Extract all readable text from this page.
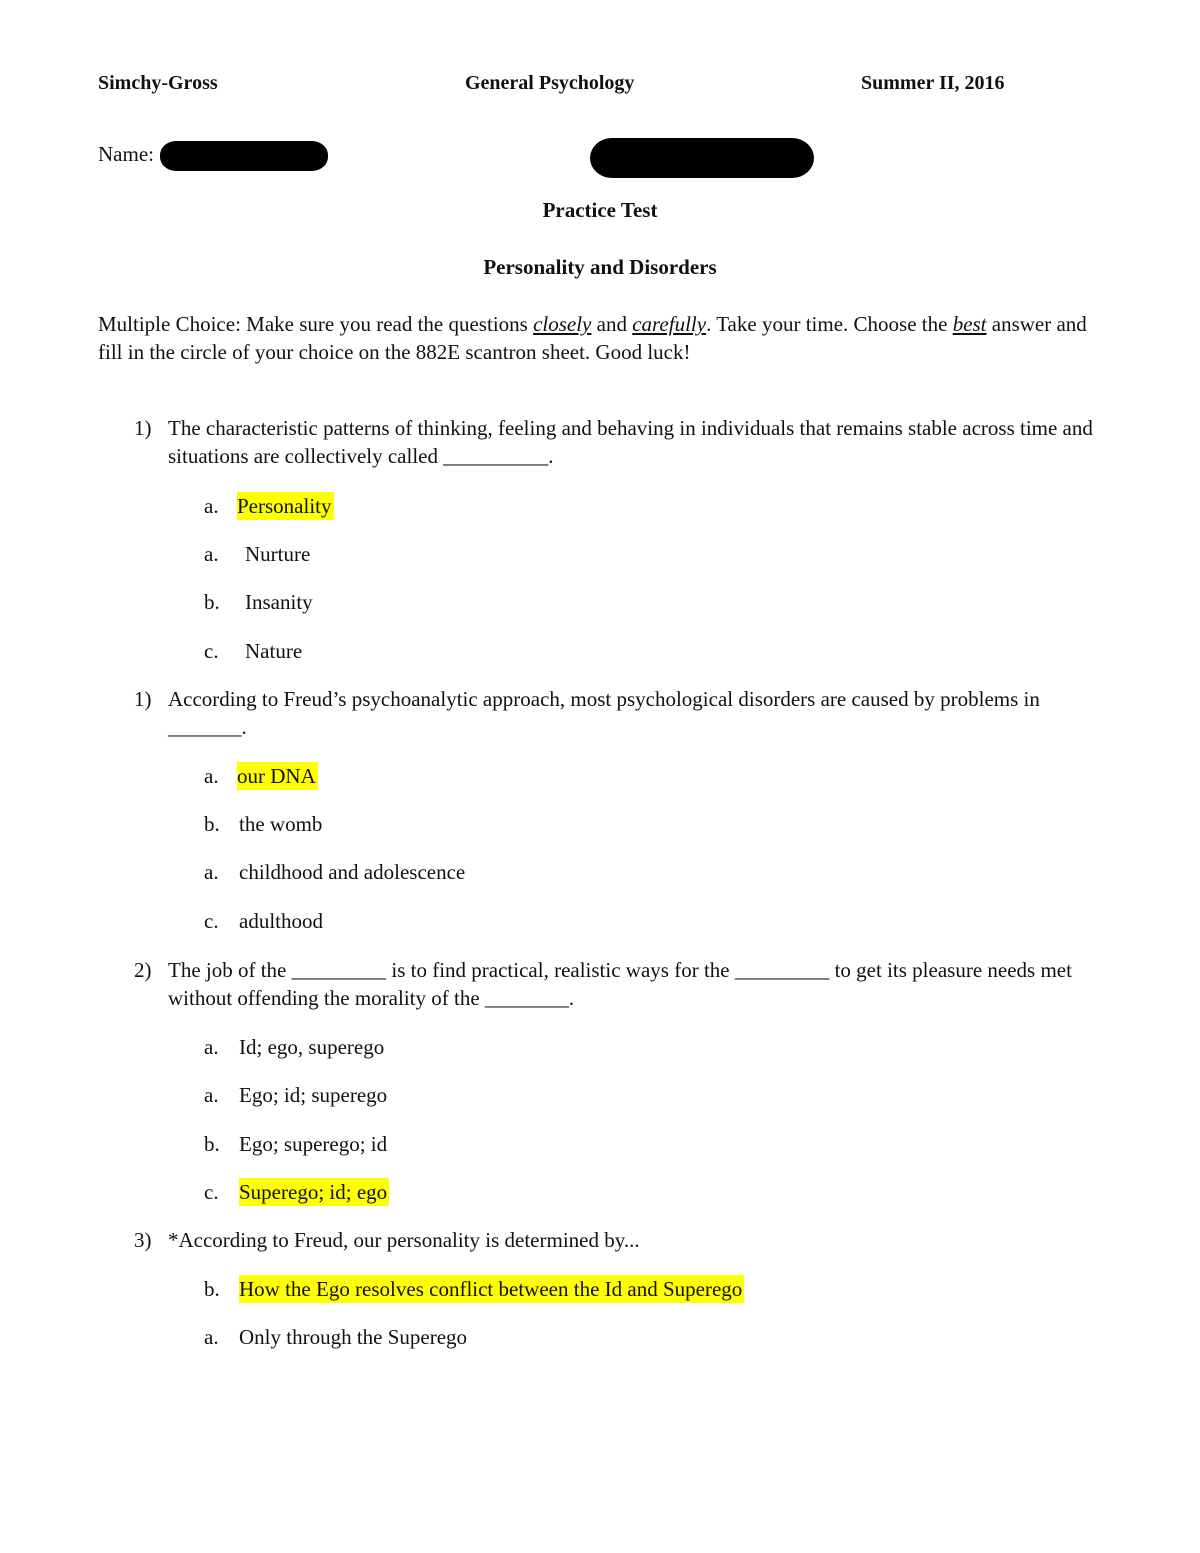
Simchy-Gross	General Psychology	Summer II, 2016
Name:
Practice Test
Personality and Disorders
Multiple Choice: Make sure you read the questions closely and carefully. Take your time. Choose the best answer and fill in the circle of your choice on the 882E scantron sheet. Good luck!
1) The characteristic patterns of thinking, feeling and behaving in individuals that remains stable across time and situations are collectively called __________.
a. Personality
a. Nurture
b. Insanity
c. Nature
1) According to Freud’s psychoanalytic approach, most psychological disorders are caused by problems in _______.
a. our DNA
b. the womb
a. childhood and adolescence
c. adulthood
2) The job of the _________ is to find practical, realistic ways for the _________ to get its pleasure needs met without offending the morality of the ________.
a. Id; ego, superego
a. Ego; id; superego
b. Ego; superego; id
c. Superego; id; ego
3) *According to Freud, our personality is determined by...
b. How the Ego resolves conflict between the Id and Superego
a. Only through the Superego
